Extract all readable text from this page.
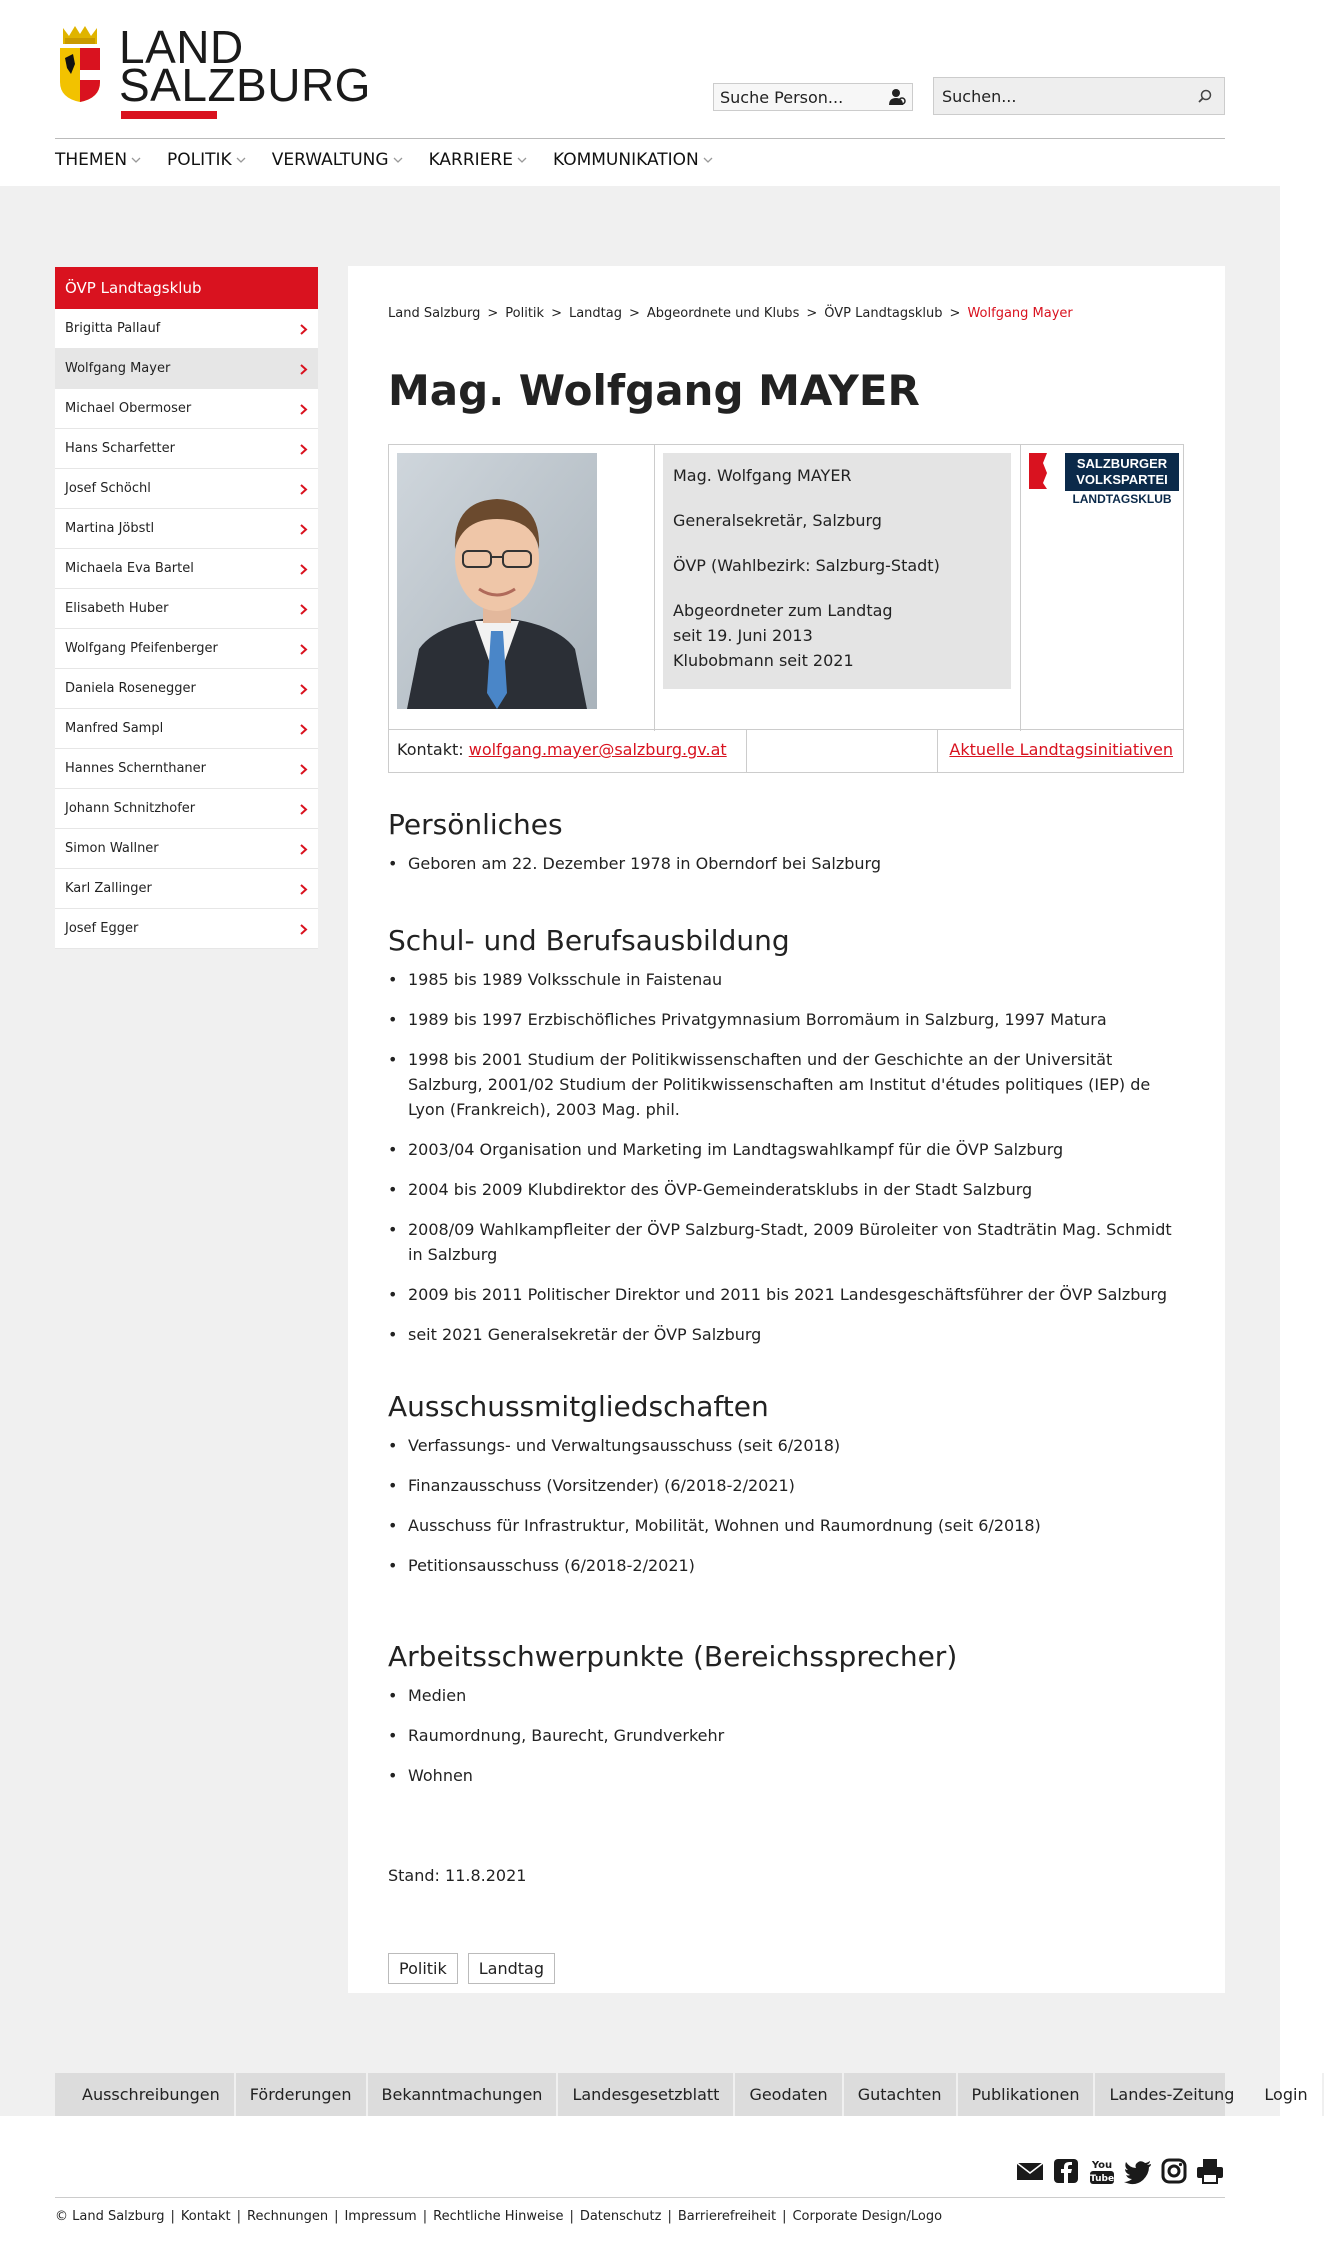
LAND
SALZBURG	Suche Person...	Suchen...
THEMEN POLITIK VERWALTUNG KARRIERE KOMMUNIKATION
ÖVP Landtagsklub
Brigitta Pallauf
Wolfgang Mayer
Michael Obermoser
Hans Scharfetter
Josef Schöchl
Martina Jöbstl
Michaela Eva Bartel
Elisabeth Huber
Wolfgang Pfeifenberger
Daniela Rosenegger
Manfred Sampl
Hannes Schernthaner
Johann Schnitzhofer
Simon Wallner
Karl Zallinger
Josef Egger
Land Salzburg > Politik > Landtag > Abgeordnete und Klubs > ÖVP Landtagsklub > Wolfgang Mayer
Mag. Wolfgang MAYER

Mag. Wolfgang MAYER

Generalsekretär, Salzburg

ÖVP (Wahlbezirk: Salzburg-Stadt)

Abgeordneter zum Landtag
seit 19. Juni 2013
Klubobmann seit 2021

SALZBURGER
VOLKSPARTEI
LANDTAGSKLUB
Kontakt: wolfgang.mayer@salzburg.gv.at	Aktuelle Landtagsinitiativen
Persönliches
• Geboren am 22. Dezember 1978 in Oberndorf bei Salzburg
Schul- und Berufsausbildung
• 1985 bis 1989 Volksschule in Faistenau
• 1989 bis 1997 Erzbischöfliches Privatgymnasium Borromäum in Salzburg, 1997 Matura
• 1998 bis 2001 Studium der Politikwissenschaften und der Geschichte an der Universität Salzburg, 2001/02 Studium der Politikwissenschaften am Institut d'études politiques (IEP) de Lyon (Frankreich), 2003 Mag. phil.
• 2003/04 Organisation und Marketing im Landtagswahlkampf für die ÖVP Salzburg
• 2004 bis 2009 Klubdirektor des ÖVP-Gemeinderatsklubs in der Stadt Salzburg
• 2008/09 Wahlkampfleiter der ÖVP Salzburg-Stadt, 2009 Büroleiter von Stadträtin Mag. Schmidt in Salzburg
• 2009 bis 2011 Politischer Direktor und 2011 bis 2021 Landesgeschäftsführer der ÖVP Salzburg
• seit 2021 Generalsekretär der ÖVP Salzburg
Ausschussmitgliedschaften
• Verfassungs- und Verwaltungsausschuss (seit 6/2018)
• Finanzausschuss (Vorsitzender) (6/2018-2/2021)
• Ausschuss für Infrastruktur, Mobilität, Wohnen und Raumordnung (seit 6/2018)
• Petitionsausschuss (6/2018-2/2021)
Arbeitsschwerpunkte (Bereichssprecher)
• Medien
• Raumordnung, Baurecht, Grundverkehr
• Wohnen
Stand: 11.8.2021
Politik	Landtag
Ausschreibungen	Förderungen	Bekanntmachungen	Landesgesetzblatt	Geodaten	Gutachten	Publikationen	Landes-Zeitung	Login
You
Tube
© Land Salzburg | Kontakt | Rechnungen | Impressum | Rechtliche Hinweise | Datenschutz | Barrierefreiheit | Corporate Design/Logo
